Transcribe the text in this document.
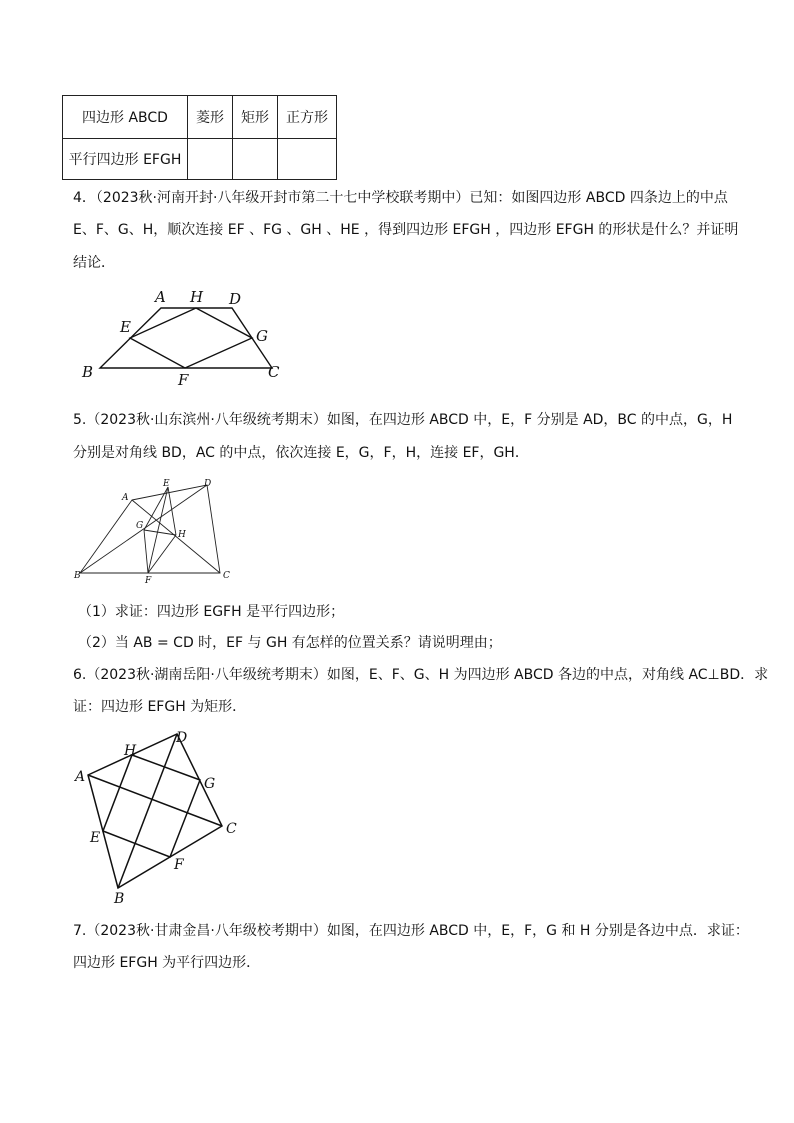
四边形 ABCD	菱形	矩形	正方形
平行四边形 EFGH			
4．（2023秋·河南开封·八年级开封市第二十七中学校联考期中）已知：如图四边形 ABCD 四条边上的中点
E、F、G、H，顺次连接 EF 、FG 、GH 、HE ，得到四边形 EFGH ，四边形 EFGH 的形状是什么？并证明
结论．
A H D
E	G
B	F	C
5.（2023秋·山东滨州·八年级统考期末）如图，在四边形 ABCD 中，E，F 分别是 AD，BC 的中点，G，H
分别是对角线 BD，AC 的中点，依次连接 E，G，F，H，连接 EF，GH．
A
E	D
G
H
B	F	C
（1）求证：四边形 EGFH 是平行四边形；
（2）当 AB = CD 时，EF 与 GH 有怎样的位置关系？请说明理由；
6.（2023秋·湖南岳阳·八年级统考期末）如图，E、F、G、H 为四边形 ABCD 各边的中点，对角线 AC⊥BD．求
证：四边形 EFGH 为矩形．
H
D
A	G
C
E
F
B
7.（2023秋·甘肃金昌·八年级校考期中）如图，在四边形 ABCD 中，E，F，G 和 H 分别是各边中点．求证：
四边形 EFGH 为平行四边形．
